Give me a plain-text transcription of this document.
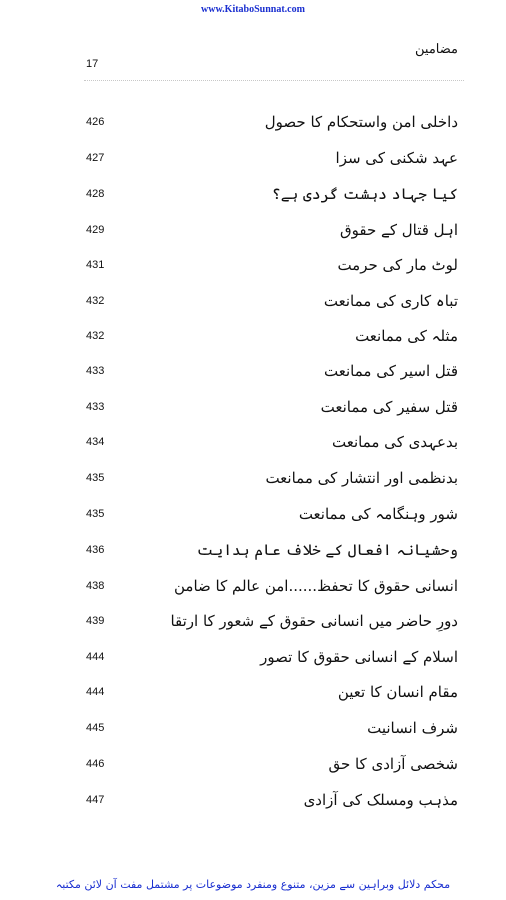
www.KitaboSunnat.com
مضامین
17
داخلی امن واستحکام کا حصول
426
عہد شکنی کی سزا
427
کیا جہاد دہشت گردی ہے؟
428
اہل قتال کے حقوق
429
لوٹ مار کی حرمت
431
تباہ کاری کی ممانعت
432
مثلہ کی ممانعت
432
قتل اسیر کی ممانعت
433
قتل سفیر کی ممانعت
433
بدعہدی کی ممانعت
434
بدنظمی اور انتشار کی ممانعت
435
شور وہنگامہ کی ممانعت
435
وحشیانہ افعال کے خلاف عام ہدایت
436
انسانی حقوق کا تحفظ......امن عالم کا ضامن
438
دورِ حاضر میں انسانی حقوق کے شعور کا ارتقا
439
اسلام کے انسانی حقوق کا تصور
444
مقام انسان کا تعین
444
شرف انسانیت
445
شخصی آزادی کا حق
446
مذہب ومسلک کی آزادی
447
محکم دلائل وبراہین سے مزین، متنوع ومنفرد موضوعات پر مشتمل مفت آن لائن مکتبہ
